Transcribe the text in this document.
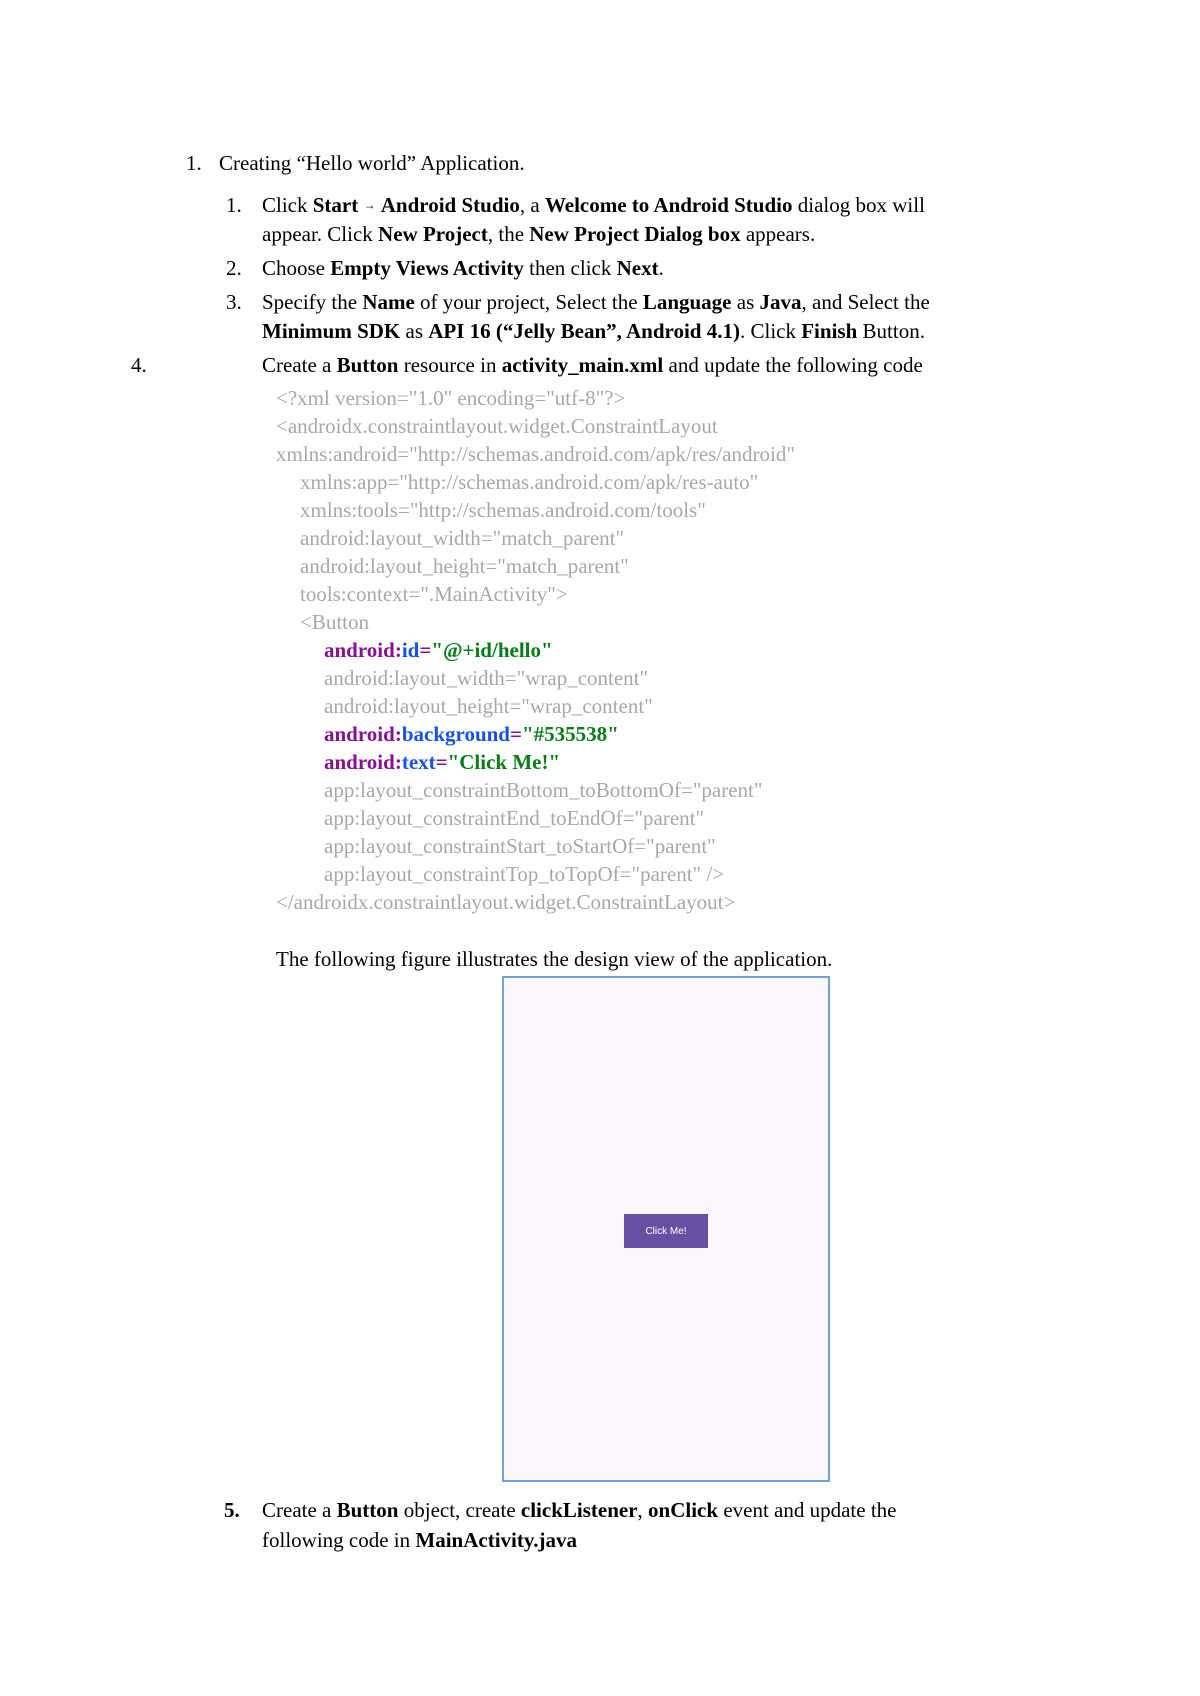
1. Creating “Hello world” Application.
1. Click Start → Android Studio, a Welcome to Android Studio dialog box will
appear. Click New Project, the New Project Dialog box appears.
2. Choose Empty Views Activity then click Next.
3. Specify the Name of your project, Select the Language as Java, and Select the
Minimum SDK as API 16 (“Jelly Bean”, Android 4.1). Click Finish Button.
4.	Create a Button resource in activity_main.xml and update the following code
<?xml version="1.0" encoding="utf-8"?>
<androidx.constraintlayout.widget.ConstraintLayout
xmlns:android="http://schemas.android.com/apk/res/android"
xmlns:app="http://schemas.android.com/apk/res-auto"
xmlns:tools="http://schemas.android.com/tools"
android:layout_width="match_parent"
android:layout_height="match_parent"
tools:context=".MainActivity">
<Button
android:id="@+id/hello"
android:layout_width="wrap_content"
android:layout_height="wrap_content"
android:background="#535538"
android:text="Click Me!"
app:layout_constraintBottom_toBottomOf="parent"
app:layout_constraintEnd_toEndOf="parent"
app:layout_constraintStart_toStartOf="parent"
app:layout_constraintTop_toTopOf="parent" />
</androidx.constraintlayout.widget.ConstraintLayout>
The following figure illustrates the design view of the application.
Click Me!
5. Create a Button object, create clickListener, onClick event and update the
following code in MainActivity.java
